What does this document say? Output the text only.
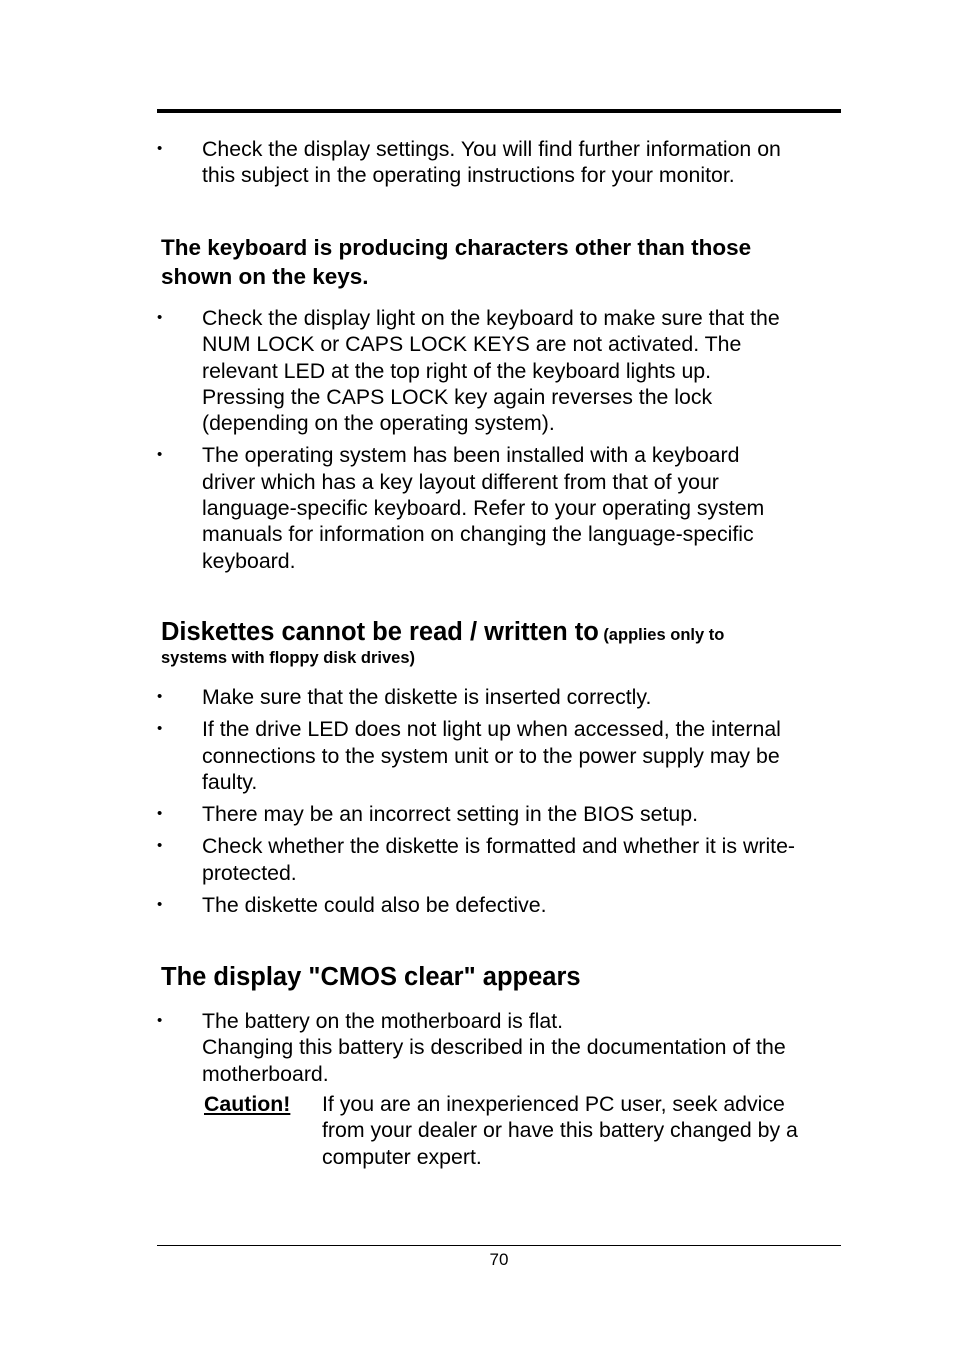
•	Check the display settings. You will find further information on
this subject in the operating instructions for your monitor.
The keyboard is producing characters other than those
shown on the keys.
•	Check the display light on the keyboard to make sure that the
NUM LOCK or CAPS LOCK KEYS are not activated. The
relevant LED at the top right of the keyboard lights up.
Pressing the CAPS LOCK key again reverses the lock
(depending on the operating system).
•	The operating system has been installed with a keyboard
driver which has a key layout different from that of your
language-specific keyboard. Refer to your operating system
manuals for information on changing the language-specific
keyboard.
Diskettes cannot be read / written to (applies only to
systems with floppy disk drives)
•	Make sure that the diskette is inserted correctly.
•	If the drive LED does not light up when accessed, the internal
connections to the system unit or to the power supply may be
faulty.
•	There may be an incorrect setting in the BIOS setup.
•	Check whether the diskette is formatted and whether it is write-
protected.
•	The diskette could also be defective.
The display "CMOS clear" appears
•	The battery on the motherboard is flat.
Changing this battery is described in the documentation of the
motherboard.
Caution! If you are an inexperienced PC user, seek advice
from your dealer or have this battery changed by a
computer expert.
70
